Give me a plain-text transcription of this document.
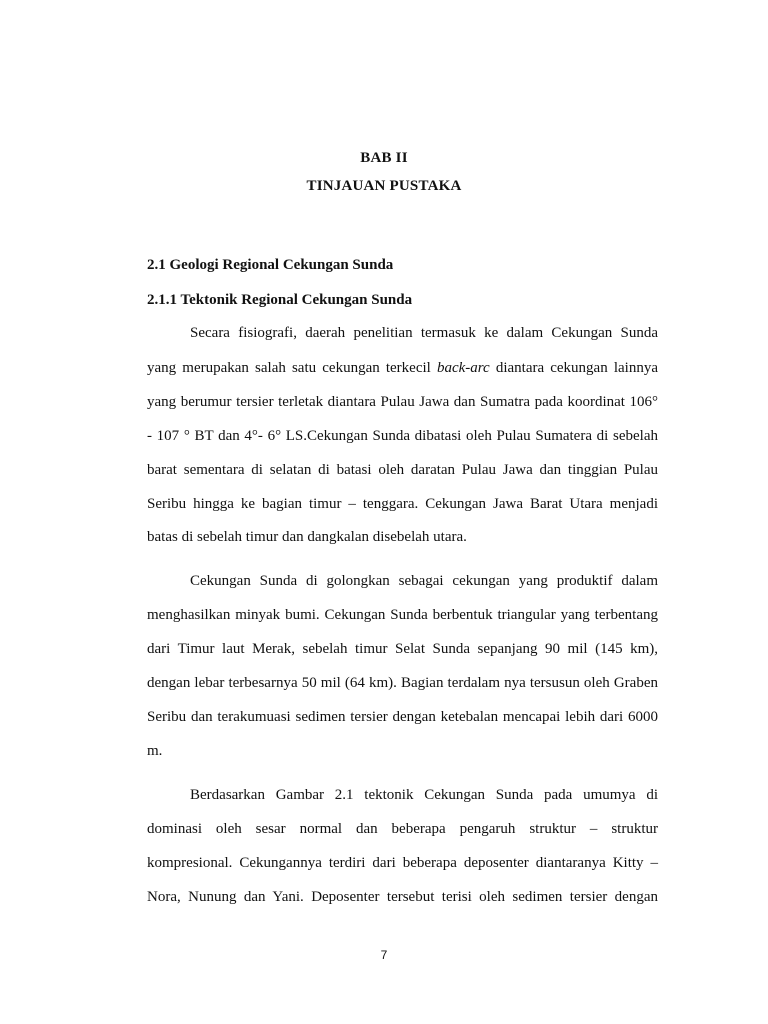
BAB II
TINJAUAN PUSTAKA
2.1 Geologi Regional Cekungan Sunda
2.1.1 Tektonik Regional Cekungan Sunda
Secara fisiografi, daerah penelitian termasuk ke dalam Cekungan Sunda
yang merupakan salah satu cekungan terkecil back-arc diantara cekungan lainnya
yang berumur tersier terletak diantara Pulau Jawa dan Sumatra pada koordinat 106°
- 107 ° BT dan 4°- 6° LS.Cekungan Sunda dibatasi oleh Pulau Sumatera di sebelah
barat sementara di selatan di batasi oleh daratan Pulau Jawa dan tinggian Pulau
Seribu hingga ke bagian timur – tenggara. Cekungan Jawa Barat Utara menjadi
batas di sebelah timur dan dangkalan disebelah utara.
Cekungan Sunda di golongkan sebagai cekungan yang produktif dalam
menghasilkan minyak bumi. Cekungan Sunda berbentuk triangular yang terbentang
dari Timur laut Merak, sebelah timur Selat Sunda sepanjang 90 mil (145 km),
dengan lebar terbesarnya 50 mil (64 km). Bagian terdalam nya tersusun oleh Graben
Seribu dan terakumuasi sedimen tersier dengan ketebalan mencapai lebih dari 6000
m.
Berdasarkan Gambar 2.1 tektonik Cekungan Sunda pada umumya di
dominasi oleh sesar normal dan beberapa pengaruh struktur – struktur
kompresional. Cekungannya terdiri dari beberapa deposenter diantaranya Kitty –
Nora, Nunung dan Yani. Deposenter tersebut terisi oleh sedimen tersier dengan
7
